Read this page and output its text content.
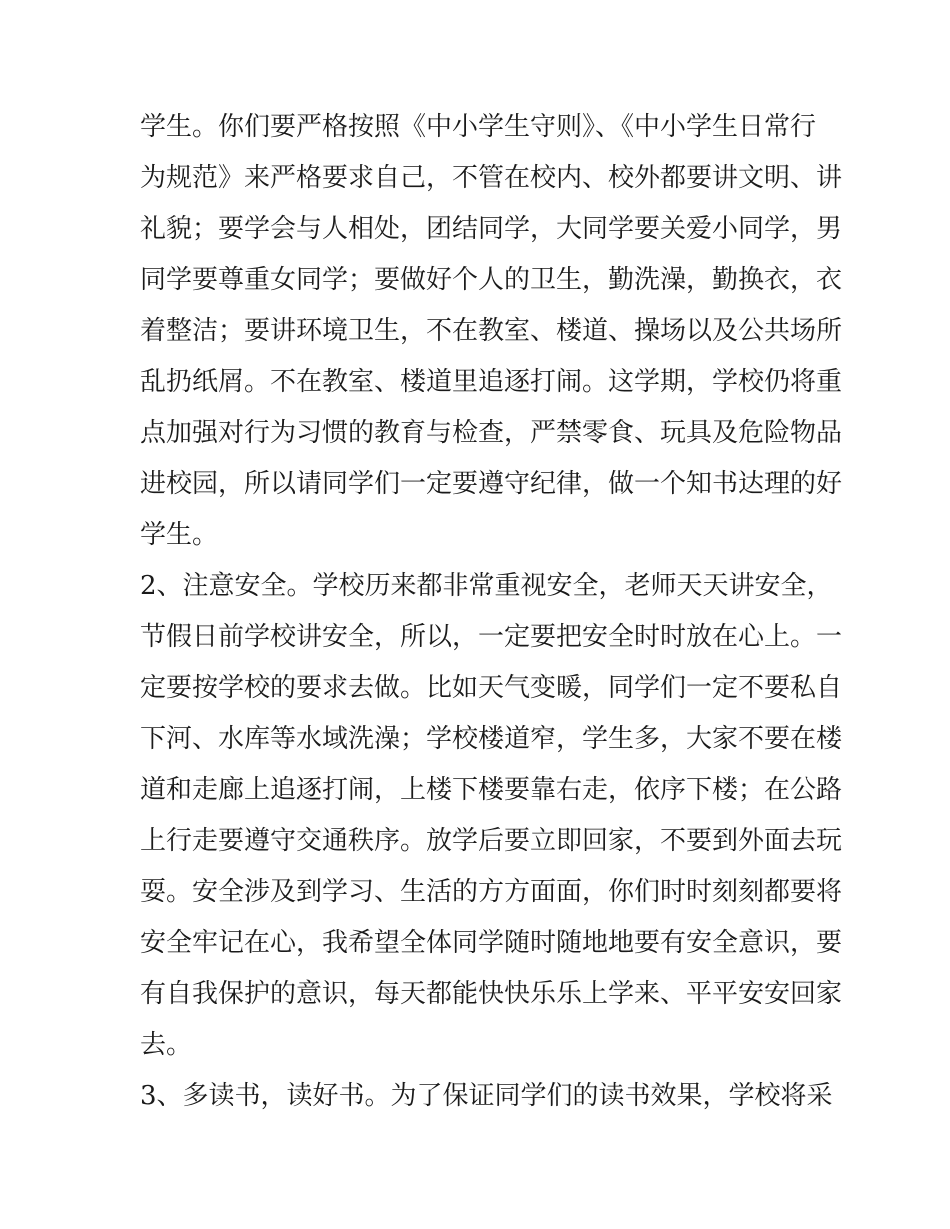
学生。你们要严格按照《中小学生守则》、《中小学生日常行
为规范》来严格要求自己，不管在校内、校外都要讲文明、讲
礼貌；要学会与人相处，团结同学，大同学要关爱小同学，男
同学要尊重女同学；要做好个人的卫生，勤洗澡，勤换衣，衣
着整洁；要讲环境卫生，不在教室、楼道、操场以及公共场所
乱扔纸屑。不在教室、楼道里追逐打闹。这学期，学校仍将重
点加强对行为习惯的教育与检查，严禁零食、玩具及危险物品
进校园，所以请同学们一定要遵守纪律，做一个知书达理的好
学生。
2、注意安全。学校历来都非常重视安全，老师天天讲安全，
节假日前学校讲安全，所以，一定要把安全时时放在心上。一
定要按学校的要求去做。比如天气变暖，同学们一定不要私自
下河、水库等水域洗澡；学校楼道窄，学生多，大家不要在楼
道和走廊上追逐打闹，上楼下楼要靠右走，依序下楼；在公路
上行走要遵守交通秩序。放学后要立即回家，不要到外面去玩
耍。安全涉及到学习、生活的方方面面，你们时时刻刻都要将
安全牢记在心，我希望全体同学随时随地地要有安全意识，要
有自我保护的意识，每天都能快快乐乐上学来、平平安安回家
去。
3、多读书，读好书。为了保证同学们的读书效果，学校将采
